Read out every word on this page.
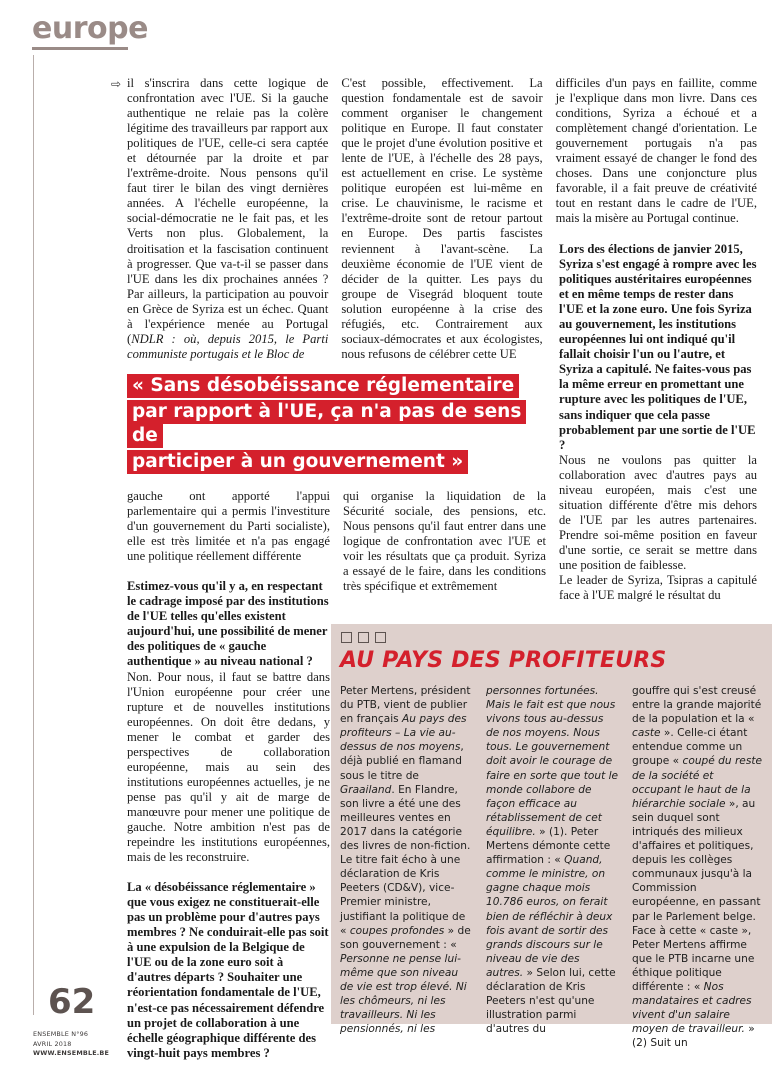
europe

⇨ il s'inscrira dans cette logique de confrontation avec l'UE. Si la gauche authentique ne relaie pas la colère légitime des travailleurs par rapport aux politiques de l'UE, celle-ci sera captée et détournée par la droite et par l'extrême-droite. Nous pensons qu'il faut tirer le bilan des vingt dernières années. A l'échelle européenne, la social-démocratie ne le fait pas, et les Verts non plus. Globalement, la droitisation et la fascisation continuent à progresser. Que va-t-il se passer dans l'UE dans les dix prochaines années ? Par ailleurs, la participation au pouvoir en Grèce de Syriza est un échec. Quant à l'expérience menée au Portugal (NDLR : où, depuis 2015, le Parti communiste portugais et le Bloc de

C'est possible, effectivement. La question fondamentale est de savoir comment organiser le changement politique en Europe. Il faut constater que le projet d'une évolution positive et lente de l'UE, à l'échelle des 28 pays, est actuellement en crise. Le système politique européen est lui-même en crise. Le chauvinisme, le racisme et l'extrême-droite sont de retour partout en Europe. Des partis fascistes reviennent à l'avant-scène. La deuxième économie de l'UE vient de décider de la quitter. Les pays du groupe de Visegrád bloquent toute solution européenne à la crise des réfugiés, etc. Contrairement aux sociaux-démocrates et aux écologistes, nous refusons de célébrer cette UE

difficiles d'un pays en faillite, comme je l'explique dans mon livre. Dans ces conditions, Syriza a échoué et a complètement changé d'orientation. Le gouvernement portugais n'a pas vraiment essayé de changer le fond des choses. Dans une conjoncture plus favorable, il a fait preuve de créativité tout en restant dans le cadre de l'UE, mais la misère au Portugal continue.

« Sans désobéissance réglementaire
par rapport à l'UE, ça n'a pas de sens de
participer à un gouvernement »

gauche ont apporté l'appui parlementaire qui a permis l'investiture d'un gouvernement du Parti socialiste), elle est très limitée et n'a pas engagé une politique réellement différente

Estimez-vous qu'il y a, en respectant le cadrage imposé par des institutions de l'UE telles qu'elles existent aujourd'hui, une possibilité de mener des politiques de « gauche authentique » au niveau national ?

Non. Pour nous, il faut se battre dans l'Union européenne pour créer une rupture et de nouvelles institutions européennes. On doit être dedans, y mener le combat et garder des perspectives de collaboration européenne, mais au sein des institutions européennes actuelles, je ne pense pas qu'il y ait de marge de manœuvre pour mener une politique de gauche. Notre ambition n'est pas de repeindre les institutions européennes, mais de les reconstruire.

La « désobéissance réglementaire » que vous exigez ne constituerait-elle pas un problème pour d'autres pays membres ? Ne conduirait-elle pas soit à une expulsion de la Belgique de l'UE ou de la zone euro soit à d'autres départs ? Souhaiter une réorientation fondamentale de l'UE, n'est-ce pas nécessairement défendre un projet de collaboration à une échelle géographique différente des vingt-huit pays membres ?

qui organise la liquidation de la Sécurité sociale, des pensions, etc. Nous pensons qu'il faut entrer dans une logique de confrontation avec l'UE et voir les résultats que ça produit. Syriza a essayé de le faire, dans les conditions très spécifique et extrêmement

Lors des élections de janvier 2015, Syriza s'est engagé à rompre avec les politiques austéritaires européennes et en même temps de rester dans l'UE et la zone euro. Une fois Syriza au gouvernement, les institutions européennes lui ont indiqué qu'il fallait choisir l'un ou l'autre, et Syriza a capitulé. Ne faites-vous pas la même erreur en promettant une rupture avec les politiques de l'UE, sans indiquer que cela passe probablement par une sortie de l'UE ?

Nous ne voulons pas quitter la collaboration avec d'autres pays au niveau européen, mais c'est une situation différente d'être mis dehors de l'UE par les autres partenaires. Prendre soi-même position en faveur d'une sortie, ce serait se mettre dans une position de faiblesse.

Le leader de Syriza, Tsipras a capitulé face à l'UE malgré le résultat du

AU PAYS DES PROFITEURS

Peter Mertens, président du PTB, vient de publier en français Au pays des profiteurs – La vie au-dessus de nos moyens, déjà publié en flamand sous le titre de Graailand. En Flandre, son livre a été une des meilleures ventes en 2017 dans la catégorie des livres de non-fiction. Le titre fait écho à une déclaration de Kris Peeters (CD&V), vice-Premier ministre, justifiant la politique de « coupes profondes » de son gouvernement : « Personne ne pense lui-même que son niveau de vie est trop élevé. Ni les chômeurs, ni les travailleurs. Ni les pensionnés, ni les

personnes fortunées. Mais le fait est que nous vivons tous au-dessus de nos moyens. Nous tous. Le gouvernement doit avoir le courage de faire en sorte que tout le monde collabore de façon efficace au rétablissement de cet équilibre. » (1). Peter Mertens démonte cette affirmation : « Quand, comme le ministre, on gagne chaque mois 10.786 euros, on ferait bien de réfléchir à deux fois avant de sortir des grands discours sur le niveau de vie des autres. » Selon lui, cette déclaration de Kris Peeters n'est qu'une illustration parmi d'autres du

gouffre qui s'est creusé entre la grande majorité de la population et la « caste ». Celle-ci étant entendue comme un groupe « coupé du reste de la société et occupant le haut de la hiérarchie sociale », au sein duquel sont intriqués des milieux d'affaires et politiques, depuis les collèges communaux jusqu'à la Commission européenne, en passant par le Parlement belge. Face à cette « caste », Peter Mertens affirme que le PTB incarne une éthique politique différente : « Nos mandataires et cadres vivent d'un salaire moyen de travailleur. » (2) Suit un

62
ENSEMBLE N°96
AVRIL 2018
WWW.ENSEMBLE.BE
